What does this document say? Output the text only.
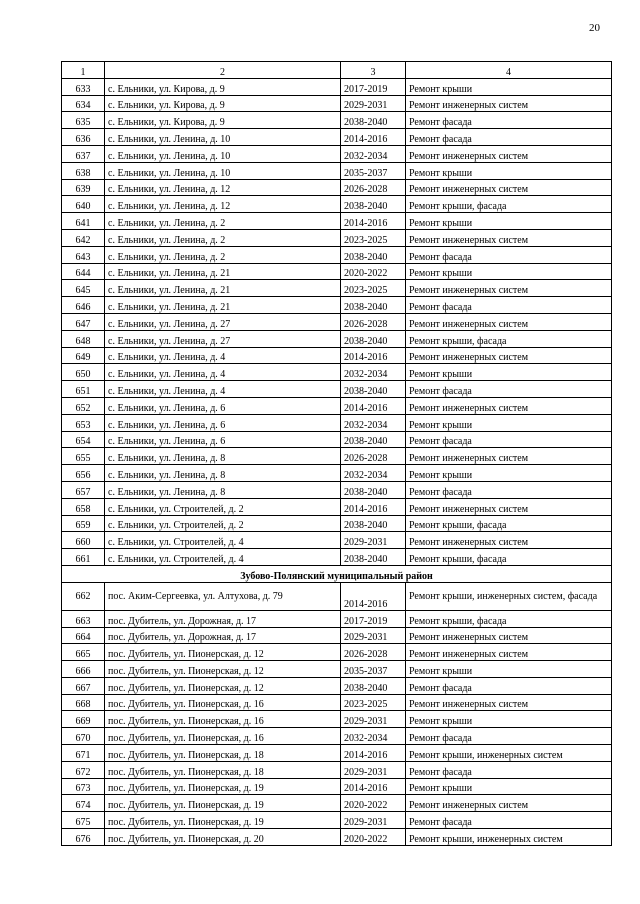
20
1	2	3	4
633	с. Ельники, ул. Кирова, д. 9	2017-2019	Ремонт крыши
634	с. Ельники, ул. Кирова, д. 9	2029-2031	Ремонт инженерных систем
635	с. Ельники, ул. Кирова, д. 9	2038-2040	Ремонт фасада
636	с. Ельники, ул. Ленина, д. 10	2014-2016	Ремонт фасада
637	с. Ельники, ул. Ленина, д. 10	2032-2034	Ремонт инженерных систем
638	с. Ельники, ул. Ленина, д. 10	2035-2037	Ремонт крыши
639	с. Ельники, ул. Ленина, д. 12	2026-2028	Ремонт инженерных систем
640	с. Ельники, ул. Ленина, д. 12	2038-2040	Ремонт крыши, фасада
641	с. Ельники, ул. Ленина, д. 2	2014-2016	Ремонт крыши
642	с. Ельники, ул. Ленина, д. 2	2023-2025	Ремонт инженерных систем
643	с. Ельники, ул. Ленина, д. 2	2038-2040	Ремонт фасада
644	с. Ельники, ул. Ленина, д. 21	2020-2022	Ремонт крыши
645	с. Ельники, ул. Ленина, д. 21	2023-2025	Ремонт инженерных систем
646	с. Ельники, ул. Ленина, д. 21	2038-2040	Ремонт фасада
647	с. Ельники, ул. Ленина, д. 27	2026-2028	Ремонт инженерных систем
648	с. Ельники, ул. Ленина, д. 27	2038-2040	Ремонт крыши, фасада
649	с. Ельники, ул. Ленина, д. 4	2014-2016	Ремонт инженерных систем
650	с. Ельники, ул. Ленина, д. 4	2032-2034	Ремонт крыши
651	с. Ельники, ул. Ленина, д. 4	2038-2040	Ремонт фасада
652	с. Ельники, ул. Ленина, д. 6	2014-2016	Ремонт инженерных систем
653	с. Ельники, ул. Ленина, д. 6	2032-2034	Ремонт крыши
654	с. Ельники, ул. Ленина, д. 6	2038-2040	Ремонт фасада
655	с. Ельники, ул. Ленина, д. 8	2026-2028	Ремонт инженерных систем
656	с. Ельники, ул. Ленина, д. 8	2032-2034	Ремонт крыши
657	с. Ельники, ул. Ленина, д. 8	2038-2040	Ремонт фасада
658	с. Ельники, ул. Строителей, д. 2	2014-2016	Ремонт инженерных систем
659	с. Ельники, ул. Строителей, д. 2	2038-2040	Ремонт крыши, фасада
660	с. Ельники, ул. Строителей, д. 4	2029-2031	Ремонт инженерных систем
661	с. Ельники, ул. Строителей, д. 4	2038-2040	Ремонт крыши, фасада
Зубово-Полянский муниципальный район			
662	пос. Аким-Сергеевка, ул. Алтухова, д. 79	2014-2016	Ремонт крыши, инженерных систем, фасада
663	пос. Дубитель, ул. Дорожная, д. 17	2017-2019	Ремонт крыши, фасада
664	пос. Дубитель, ул. Дорожная, д. 17	2029-2031	Ремонт инженерных систем
665	пос. Дубитель, ул. Пионерская, д. 12	2026-2028	Ремонт инженерных систем
666	пос. Дубитель, ул. Пионерская, д. 12	2035-2037	Ремонт крыши
667	пос. Дубитель, ул. Пионерская, д. 12	2038-2040	Ремонт фасада
668	пос. Дубитель, ул. Пионерская, д. 16	2023-2025	Ремонт инженерных систем
669	пос. Дубитель, ул. Пионерская, д. 16	2029-2031	Ремонт крыши
670	пос. Дубитель, ул. Пионерская, д. 16	2032-2034	Ремонт фасада
671	пос. Дубитель, ул. Пионерская, д. 18	2014-2016	Ремонт крыши, инженерных систем
672	пос. Дубитель, ул. Пионерская, д. 18	2029-2031	Ремонт фасада
673	пос. Дубитель, ул. Пионерская, д. 19	2014-2016	Ремонт крыши
674	пос. Дубитель, ул. Пионерская, д. 19	2020-2022	Ремонт инженерных систем
675	пос. Дубитель, ул. Пионерская, д. 19	2029-2031	Ремонт фасада
676	пос. Дубитель, ул. Пионерская, д. 20	2020-2022	Ремонт крыши, инженерных систем
